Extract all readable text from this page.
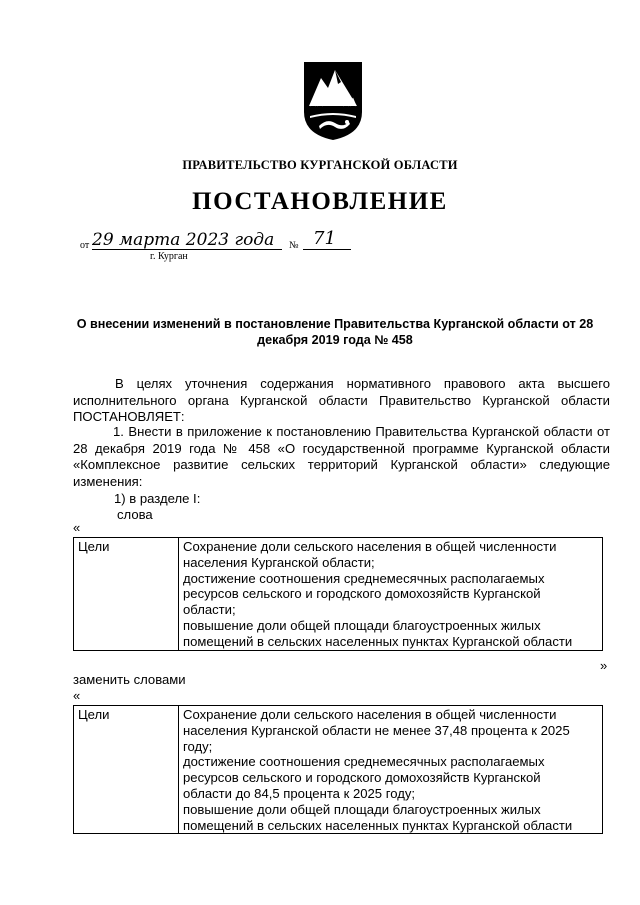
ПРАВИТЕЛЬСТВО КУРГАНСКОЙ ОБЛАСТИ
ПОСТАНОВЛЕНИЕ
от 29 марта 2023 года № 71
г. Курган
О внесении изменений в постановление Правительства Курганской области от 28 декабря 2019 года № 458
В целях уточнения содержания нормативного правового акта высшего исполнительного органа Курганской области Правительство Курганской области ПОСТАНОВЛЯЕТ:
1. Внести в приложение к постановлению Правительства Курганской области от 28 декабря 2019 года № 458 «О государственной программе Курганской области «Комплексное развитие сельских территорий Курганской области» следующие изменения:
1) в разделе I:
слова
«
Цели	Сохранение доли сельского населения в общей численности
населения Курганской области;
достижение соотношения среднемесячных располагаемых
ресурсов сельского и городского домохозяйств Курганской
области;
повышение доли общей площади благоустроенных жилых
помещений в сельских населенных пунктах Курганской области
»
заменить словами
«
Цели	Сохранение доли сельского населения в общей численности
населения Курганской области не менее 37,48 процента к 2025
году;
достижение соотношения среднемесячных располагаемых
ресурсов сельского и городского домохозяйств Курганской
области до 84,5 процента к 2025 году;
повышение доли общей площади благоустроенных жилых
помещений в сельских населенных пунктах Курганской области
